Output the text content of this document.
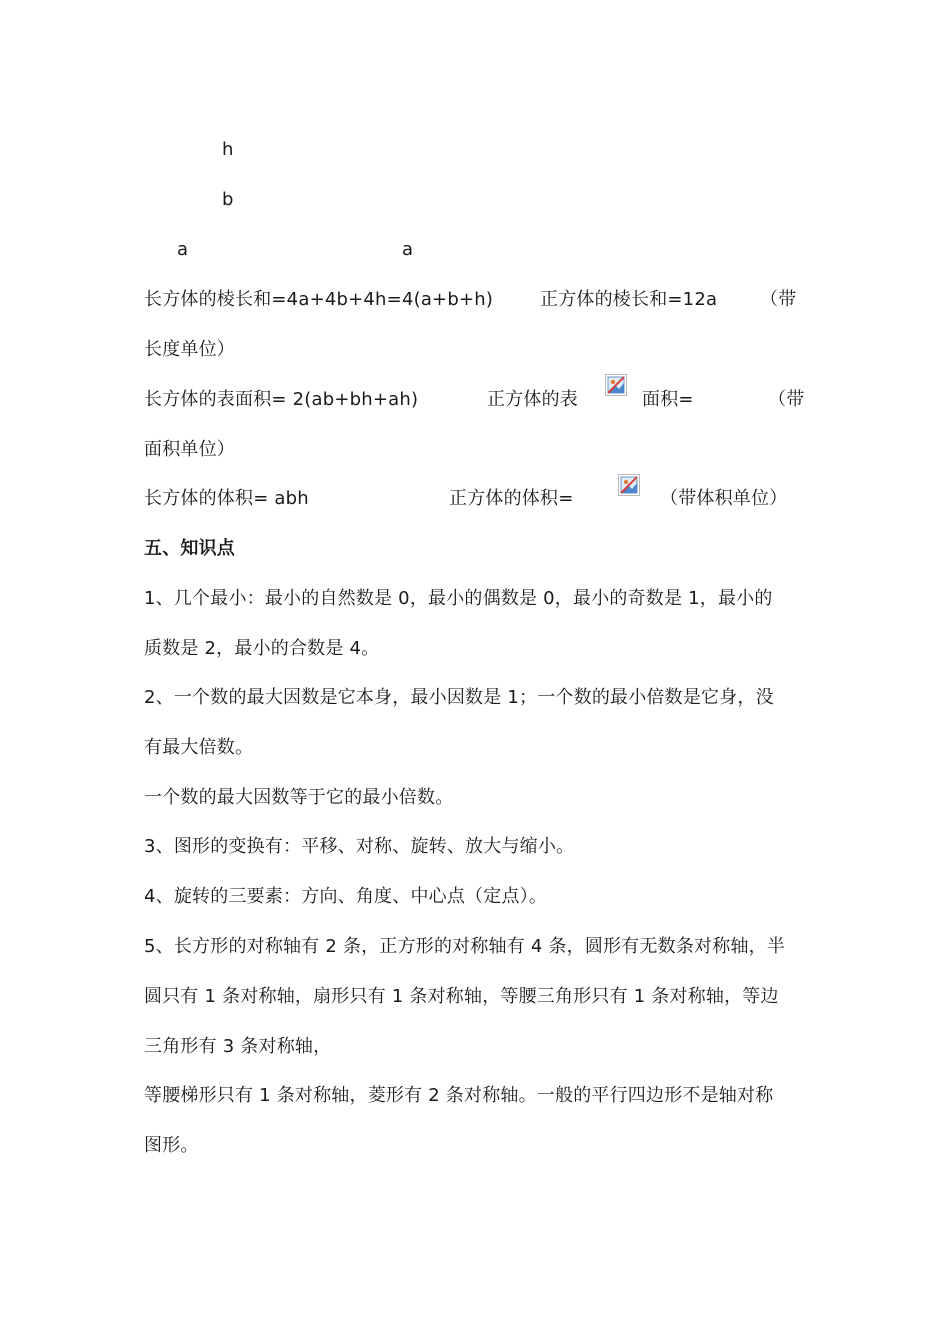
h
b
a	a
长方体的棱长和=4a+4b+4h=4(a+b+h)	正方体的棱长和=12a （带
长度单位）
长方体的表面积= 2(ab+bh+ah)	正方体的表	面积=	（带
面积单位）
长方体的体积= abh	正方体的体积=	（带体积单位）
五、知识点
1、几个最小：最小的自然数是 0，最小的偶数是 0，最小的奇数是 1，最小的
质数是 2，最小的合数是 4。
2、一个数的最大因数是它本身，最小因数是 1；一个数的最小倍数是它身，没
有最大倍数。
一个数的最大因数等于它的最小倍数。
3、图形的变换有：平移、对称、旋转、放大与缩小。
4、旋转的三要素：方向、角度、中心点（定点）。
5、长方形的对称轴有 2 条，正方形的对称轴有 4 条，圆形有无数条对称轴，半
圆只有 1 条对称轴，扇形只有 1 条对称轴，等腰三角形只有 1 条对称轴，等边
三角形有 3 条对称轴，
等腰梯形只有 1 条对称轴，菱形有 2 条对称轴。一般的平行四边形不是轴对称
图形。
